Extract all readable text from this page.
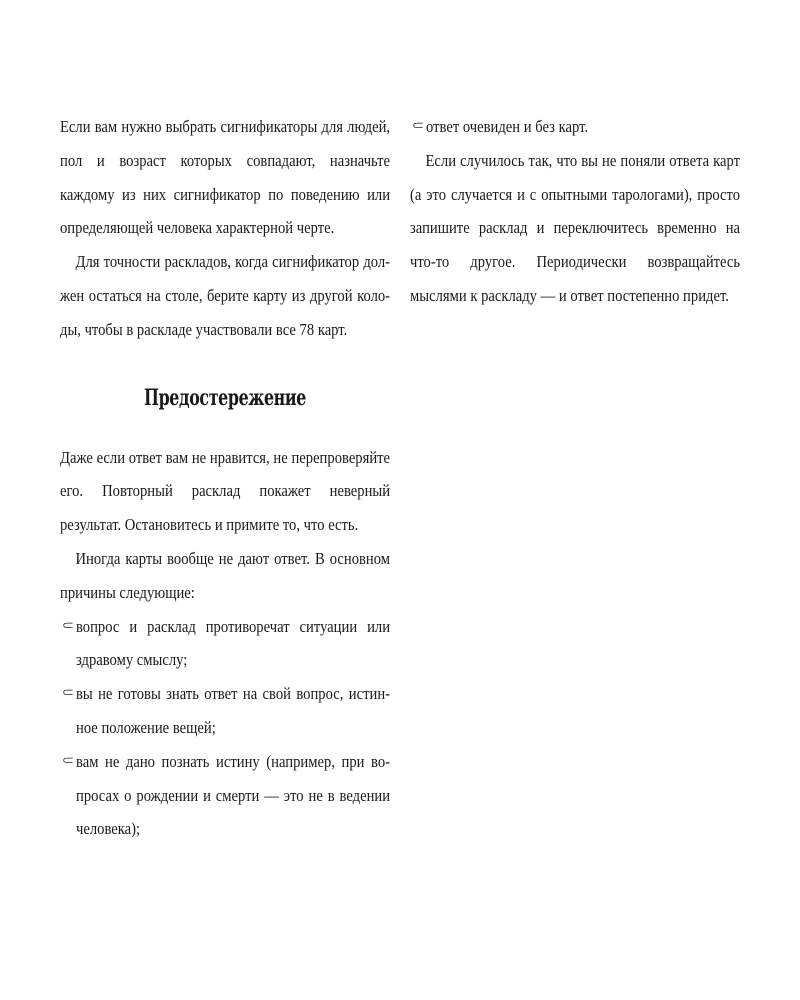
Если вам нужно выбрать сигнификаторы для людей, пол и возраст которых совпадают, назначьте каждому из них сигнификатор по поведению или определяющей человека характерной черте.

Для точности раскладов, когда сигнификатор должен остаться на столе, берите карту из другой колоды, чтобы в раскладе участвовали все 78 карт.

Предостережение

Даже если ответ вам не нравится, не перепроверяйте его. Повторный расклад покажет неверный результат. Остановитесь и примите то, что есть.

Иногда карты вообще не дают ответ. В основном причины следующие:

⸦ вопрос и расклад противоречат ситуации или здравому смыслу;
⸦ вы не готовы знать ответ на свой вопрос, истинное положение вещей;
⸦ вам не дано познать истину (например, при вопросах о рождении и смерти — это не в ведении человека);
⸦ ответ очевиден и без карт.

Если случилось так, что вы не поняли ответа карт (а это случается и с опытными тарологами), просто запишите расклад и переключитесь временно на что-то другое. Периодически возвращайтесь мыслями к раскладу — и ответ постепенно придет.
